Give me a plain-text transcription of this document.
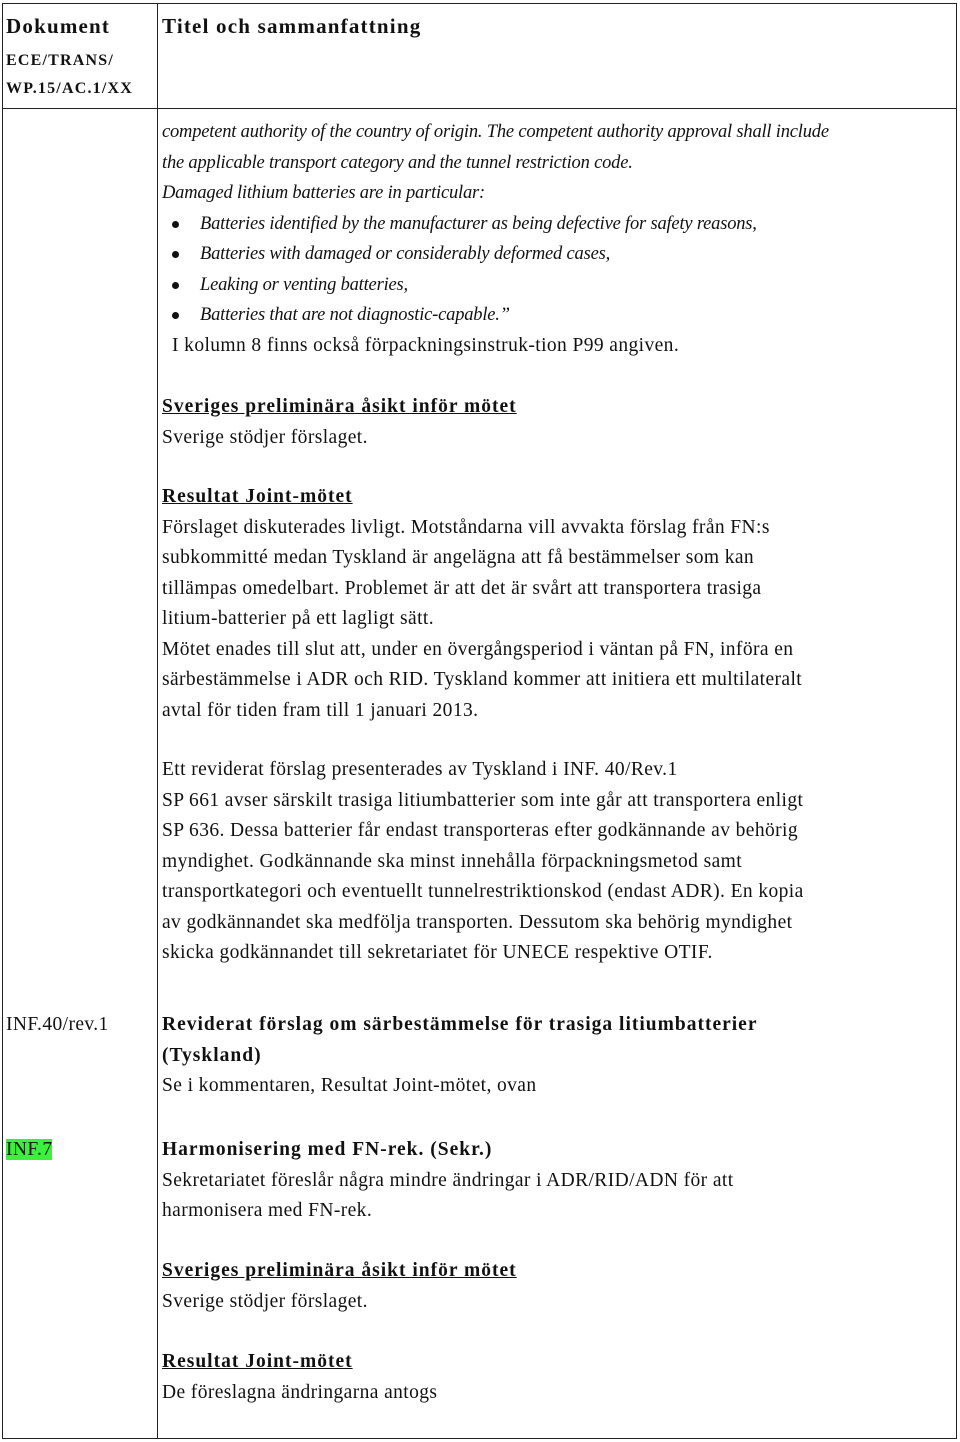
Dokument
ECE/TRANS/
WP.15/AC.1/XX
Titel och sammanfattning

competent authority of the country of origin. The competent authority approval shall include

the applicable transport category and the tunnel restriction code.

Damaged lithium batteries are in particular:

Batteries identified by the manufacturer as being defective for safety reasons,
Batteries with damaged or considerably deformed cases,
Leaking or venting batteries,
Batteries that are not diagnostic-capable.”

I kolumn 8 finns också förpackningsinstruk-tion P99 angiven.

Sveriges preliminära åsikt inför mötet

Sverige stödjer förslaget.

Resultat Joint-mötet

Förslaget diskuterades livligt. Motståndarna vill avvakta förslag från FN:s

subkommitté medan Tyskland är angelägna att få bestämmelser som kan

tillämpas omedelbart. Problemet är att det är svårt att transportera trasiga

litium-batterier på ett lagligt sätt.

Mötet enades till slut att, under en övergångsperiod i väntan på FN, införa en

särbestämmelse i ADR och RID. Tyskland kommer att initiera ett multilateralt

avtal för tiden fram till 1 januari 2013.

Ett reviderat förslag presenterades av Tyskland i INF. 40/Rev.1

SP 661 avser särskilt trasiga litiumbatterier som inte går att transportera enligt

SP 636. Dessa batterier får endast transporteras efter godkännande av behörig

myndighet. Godkännande ska minst innehålla förpackningsmetod samt

transportkategori och eventuellt tunnelrestriktionskod (endast ADR). En kopia

av godkännandet ska medfölja transporten. Dessutom ska behörig myndighet

skicka godkännandet till sekretariatet för UNECE respektive OTIF.

INF.40/rev.1	Reviderat förslag om särbestämmelse för trasiga litiumbatterier

(Tyskland)

Se i kommentaren, Resultat Joint-mötet, ovan

INF.7	Harmonisering med FN-rek. (Sekr.)

Sekretariatet föreslår några mindre ändringar i ADR/RID/ADN för att

harmonisera med FN-rek.

Sveriges preliminära åsikt inför mötet

Sverige stödjer förslaget.

Resultat Joint-mötet

De föreslagna ändringarna antogs
